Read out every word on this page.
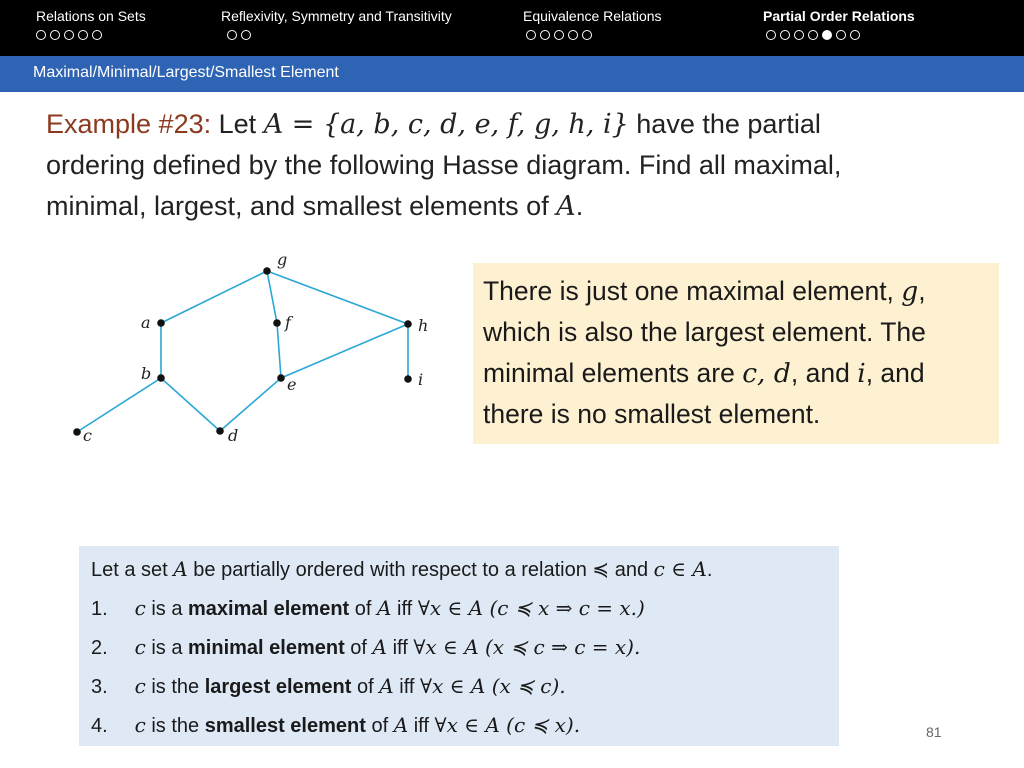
Relations on Sets	Reflexivity, Symmetry and Transitivity	Equivalence Relations	Partial Order Relations
Maximal/Minimal/Largest/Smallest Element
Example #23: Let A = {a, b, c, d, e, f, g, h, i} have the partial ordering defined by the following Hasse diagram. Find all maximal, minimal, largest, and smallest elements of A.
g
a	f	h
b
e	i
c	d
There is just one maximal element, g, which is also the largest element. The minimal elements are c, d, and i, and there is no smallest element.
Let a set A be partially ordered with respect to a relation ≼ and c ∈ A.
1. c is a maximal element of A iff ∀x ∈ A (c ≼ x ⇒ c = x.)
2. c is a minimal element of A iff ∀x ∈ A (x ≼ c ⇒ c = x).
3. c is the largest element of A iff ∀x ∈ A (x ≼ c).
4. c is the smallest element of A iff ∀x ∈ A (c ≼ x).	81
